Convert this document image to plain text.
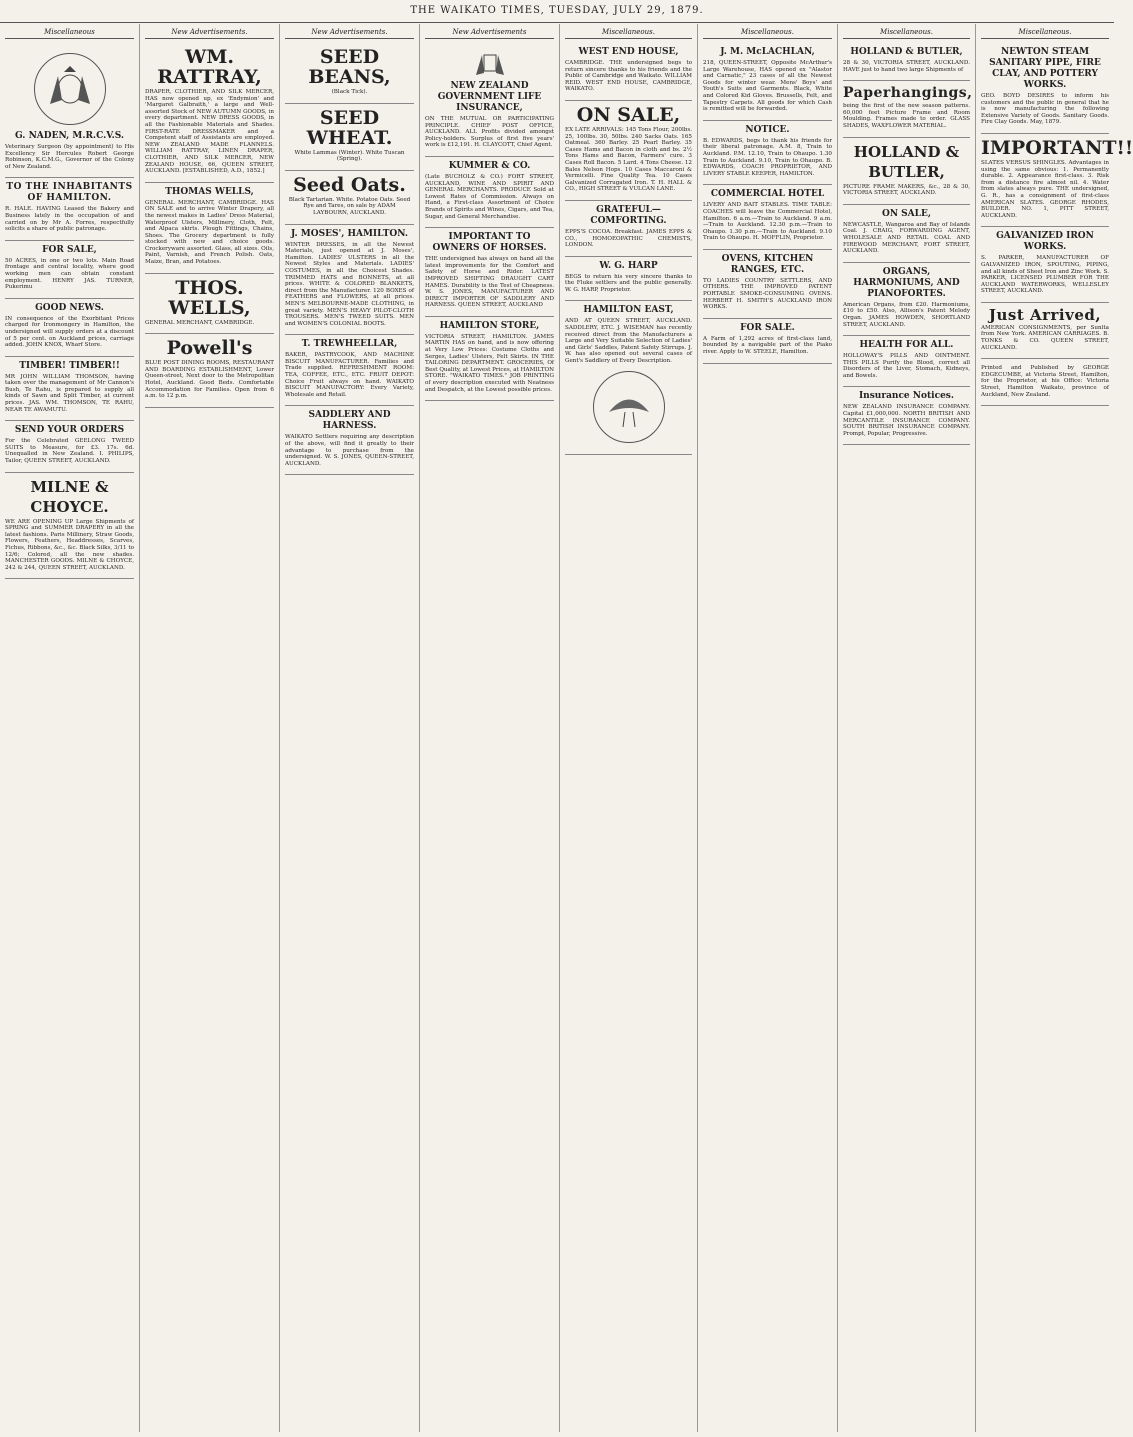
THE WAIKATO TIMES, TUESDAY, JULY 29, 1879.
Miscellaneous
G. NADEN, M.R.C.V.S.

Veterinary Surgeon (by appointment) to His Excellency Sir Hercules Robert George Robinson, K.C.M.G., Governor of the Colony of New Zealand.

TO THE INHABITANTS OF HAMILTON.

R. HALE. HAVING Leased the Bakery and Business lately in the occupation of and carried on by Mr A. Forres, respectfully solicits a share of public patronage.

FOR SALE,

50 ACRES, in one or two lots. Main Road frontage and central locality, where good working men can obtain constant employment. HENRY JAS. TURNER, Pukerimu

GOOD NEWS.

IN consequence of the Exorbitant Prices charged for Ironmongery in Hamilton, the undersigned will supply orders at a discount of 5 per cent. on Auckland prices, carriage added. JOHN KNOX, Wharf Store.

TIMBER! TIMBER!!

MR JOHN WILLIAM THOMSON, having taken over the management of Mr Cannon's Bush, Te Rahu, is prepared to supply all kinds of Sawn and Split Timber, at current prices. JAS. WM. THOMSON, TE RAHU, NEAR TE AWAMUTU.

SEND YOUR ORDERS

For the Celebrated GEELONG TWEED SUITS to Measure, for £3. 17s. 6d. Unequalled in New Zealand. I. PHILIPS, Tailor, QUEEN STREET, AUCKLAND.

MILNE & CHOYCE.

WE ARE OPENING UP Large Shipments of SPRING and SUMMER DRAPERY in all the latest fashions. Paris Millinery, Straw Goods, Flowers, Feathers, Headdresses, Scarves, Fichus, Ribbons, &c., &c. Black Silks, 3/11 to 12/6; Colored, all the new shades. MANCHESTER GOODS. MILNE & CHOYCE, 242 & 244, QUEEN STREET, AUCKLAND.

New Advertisements.
WM. RATTRAY,

DRAPER, CLOTHIER, AND SILK MERCER, HAS now opened up, ex 'Endymion' and 'Margaret Galbraith,' a large and Well-assorted Stock of NEW AUTUMN GOODS, in every department. NEW DRESS GOODS, in all the Fashionable Materials and Shades. FIRST-RATE DRESSMAKER and a Competent staff of Assistants are employed. NEW ZEALAND MADE FLANNELS. WILLIAM RATTRAY, LINEN DRAPER, CLOTHIER, AND SILK MERCER, NEW ZEALAND HOUSE, 66, QUEEN STREET, AUCKLAND. [ESTABLISHED, A.D., 1852.]

THOMAS WELLS,

GENERAL MERCHANT, CAMBRIDGE. HAS ON SALE and to arrive Winter Drapery, all the newest makes in Ladies' Dress Material, Waterproof Ulsters, Millinery, Cloth, Felt, and Alpaca skirts. Plough Fittings, Chains, Shoes. The Grocery department is fully stocked with new and choice goods. Crockeryware assorted. Glass, all sizes. Oils, Paint, Varnish, and French Polish. Oats, Maize, Bran, and Potatoes.

THOS. WELLS,

GENERAL MERCHANT, CAMBRIDGE.

Powell's

BLUE POST DINING ROOMS, RESTAURANT AND BOARDING ESTABLISHMENT, Lower Queen-street, Next door to the Metropolitan Hotel, Auckland. Good Beds. Comfortable Accommodation for Families. Open from 6 a.m. to 12 p.m.

New Advertisements.
SEED BEANS,

(Black Tick).

SEED WHEAT.

White Lammas (Winter). White Tuscan (Spring).

Seed Oats.

Black Tartarian. White. Potatoe Oats. Seed Rye and Tares, on sale by ADAM LAYBOURN, AUCKLAND.

J. MOSES', HAMILTON.

WINTER DRESSES, in all the Newest Materials, just opened at J. Moses', Hamilton. LADIES' ULSTERS in all the Newest Styles and Materials. LADIES' COSTUMES, in all the Choicest Shades. TRIMMED HATS and BONNETS, at all prices. WHITE & COLORED BLANKETS, direct from the Manufacturer. 120 BOXES of FEATHERS and FLOWERS, at all prices. MEN'S MELBOURNE-MADE CLOTHING, in great variety. MEN'S HEAVY PILOT-CLOTH TROUSERS. MEN'S TWEED SUITS. MEN and WOMEN'S COLONIAL BOOTS.

T. TREWHEELLAR,

BAKER, PASTRYCOOK, AND MACHINE BISCUIT MANUFACTURER. Families and Trade supplied. REFRESHMENT ROOM: TEA, COFFEE, ETC., ETC. FRUIT DEPOT: Choice Fruit always on hand. WAIKATO BISCUIT MANUFACTORY: Every Variety, Wholesale and Retail.

SADDLERY AND HARNESS.

WAIKATO Settlers requiring any description of the above, will find it greatly to their advantage to purchase from the undersigned. W. S. JONES, QUEEN-STREET, AUCKLAND.

New Advertisements
NEW ZEALAND GOVERNMENT LIFE INSURANCE,

ON THE MUTUAL OR PARTICIPATING PRINCIPLE. CHIEF POST OFFICE, AUCKLAND. ALL Profits divided amongst Policy-holders. Surplus of first five years' work is £12,191. H. CLAYCOTT, Chief Agent.

KUMMER & CO.

(Late BUCHOLZ & CO.) FORT STREET, AUCKLAND, WINE AND SPIRIT AND GENERAL MERCHANTS. PRODUCE Sold at Lowest Rates of Commission. Always on Hand, a First-class Assortment of Choice Brands of Spirits and Wines, Cigars, and Tea, Sugar, and General Merchandise.

IMPORTANT TO OWNERS OF HORSES.

THE undersigned has always on hand all the latest improvements for the Comfort and Safety of Horse and Rider. LATEST IMPROVED SHIFTING DRAUGHT CART HAMES. Durability is the Test of Cheapness. W. S. JONES, MANUFACTURER AND DIRECT IMPORTER OF SADDLERY AND HARNESS. QUEEN STREET, AUCKLAND

HAMILTON STORE,

VICTORIA STREET, HAMILTON. JAMES MARTIN HAS on hand, and is now offering at Very Low Prices: Costume Cloths and Serges, Ladies' Ulsters, Felt Skirts. IN THE TAILORING DEPARTMENT. GROCERIES, Of Best Quality, at Lowest Prices, at HAMILTON STORE. "WAIKATO TIMES." JOB PRINTING of every description executed with Neatness and Despatch, at the Lowest possible prices.

Miscellaneous.
WEST END HOUSE,

CAMBRIDGE. THE undersigned begs to return sincere thanks to his friends and the Public of Cambridge and Waikato. WILLIAM REID. WEST END HOUSE, CAMBRIDGE, WAIKATO.

ON SALE,

EX LATE ARRIVALS: 145 Tons Flour, 200lbs. 25, 100lbs. 30, 50lbs. 240 Sacks Oats. 165 Oatmeal. 360 Barley. 25 Pearl Barley. 35 Cases Hams and Bacon in cloth and bs. 2½ Tons Hams and Bacon, Farmers' cure. 3 Cases Roll Bacon. 5 Lard. 4 Tons Cheese. 12 Bales Nelson Hops. 10 Cases Maccaroni & Vermicelli. Fine Quality Tea. 10 Cases Galvanized Corrugated Iron. T. H. HALL & CO., HIGH STREET & VULCAN LANE.

GRATEFUL—COMFORTING.

EPPS'S COCOA. Breakfast. JAMES EPPS & CO., HOMOEOPATHIC CHEMISTS, LONDON.

W. G. HARP

BEGS to return his very sincere thanks to the Fluke settlers and the public generally. W. G. HARP, Proprietor.

HAMILTON EAST,

AND AT QUEEN STREET, AUCKLAND. SADDLERY, ETC. J. WISEMAN has recently received direct from the Manufacturers a Large and Very Suitable Selection of Ladies' and Girls' Saddles, Patent Safety Stirrups. J. W. has also opened out several cases of Gent's Saddlery of Every Description.

Miscellaneous.
J. M. McLACHLAN,

218, QUEEN-STREET, Opposite McArthur's Large Warehouse, HAS opened ex "Alastor and Carnatic," 23 cases of all the Newest Goods for winter wear. Mens' Boys' and Youth's Suits and Garments. Black, White and Colored Kid Gloves. Brussells, Felt, and Tapestry Carpets. All goods for which Cash is remitted will be forwarded.

NOTICE.

B. EDWARDS, begs to thank his friends for their liberal patronage. A.M. 8, Train to Auckland. P.M. 12.10, Train to Ohaupo. 1.30 Train to Auckland. 9.10, Train to Ohaupo. B. EDWARDS, COACH PROPRIETOR, AND LIVERY STABLE KEEPER, HAMILTON.

COMMERCIAL HOTEL

LIVERY AND BAIT STABLES. TIME TABLE: COACHES will leave the Commercial Hotel, Hamilton. 6 a.m.—Train to Auckland. 9 a.m.—Train to Auckland. 12.30 p.m.—Train to Ohaupo. 1.30 p.m.—Train to Auckland. 9.10 Train to Ohaupo. H. MOFFLIN, Proprietor.

OVENS, KITCHEN RANGES, ETC.

TO LADIES COUNTRY SETTLERS, AND OTHERS. THE IMPROVED PATENT PORTABLE SMOKE-CONSUMING OVENS. HERBERT H. SMITH'S AUCKLAND IRON WORKS.

FOR SALE.

A Farm of 1,292 acres of first-class land, bounded by a navigable part of the Piako river. Apply to W. STEELE, Hamilton.

Miscellaneous.
HOLLAND & BUTLER,

28 & 30, VICTORIA STREET, AUCKLAND. HAVE just to hand two large Shipments of

Paperhangings,

being the first of the new season patterns. 60,000 feet Picture Frame and Room Moulding. Frames made to order. GLASS SHADES, WAXFLOWER MATERIAL.

HOLLAND & BUTLER,

PICTURE FRAME MAKERS, &c., 28 & 30, VICTORIA STREET, AUCKLAND.

ON SALE,

NEWCASTLE, Wangaroa and Bay of Islands Coal. J. CRAIG, FORWARDING AGENT, WHOLESALE AND RETAIL COAL AND FIREWOOD MERCHANT, FORT STREET, AUCKLAND.

ORGANS, HARMONIUMS, AND PIANOFORTES.

American Organs, from £20. Harmoniums, £10 to £50. Also, Allison's Patent Melody Organ. JAMES HOWDEN, SHORTLAND STREET, AUCKLAND.

HEALTH FOR ALL.

HOLLOWAY'S PILLS AND OINTMENT. THIS PILLS Purify the Blood, correct all Disorders of the Liver, Stomach, Kidneys, and Bowels.

Insurance Notices.

NEW ZEALAND INSURANCE COMPANY. Capital £1,000,000. NORTH BRITISH AND MERCANTILE INSURANCE COMPANY. SOUTH BRITISH INSURANCE COMPANY. Prompt, Popular, Progressive.

Miscellaneous.
NEWTON STEAM SANITARY PIPE, FIRE CLAY, AND POTTERY WORKS.

GEO. BOYD DESIRES to inform his customers and the public in general that he is now manufacturing the following Extensive Variety of Goods. Sanitary Goods. Fire Clay Goods. May, 1879.

IMPORTANT!!

SLATES VERSUS SHINGLES. Advantages in using the same obvious: 1. Permanently durable. 2. Appearance first-class. 3. Risk from a distance fire almost nil. 4. Water from slates always pure. THE undersigned, G. R., has a consignment of first-class AMERICAN SLATES. GEORGE RHODES, BUILDER. NO. 1, PITT STREET, AUCKLAND.

GALVANIZED IRON WORKS.

S. PARKER, MANUFACTURER OF GALVANIZED IRON, SPOUTING, PIPING, and all kinds of Sheet Iron and Zinc Work. S. PARKER, LICENSED PLUMBER FOR THE AUCKLAND WATERWORKS, WELLESLEY STREET, AUCKLAND.

Just Arrived,

AMERICAN CONSIGNMENTS, per Sunlta from New York. AMERICAN CARRIAGES. B. TONKS & CO. QUEEN STREET, AUCKLAND.

Printed and Published by GEORGE EDGECUMBE, at Victoria Street, Hamilton, for the Proprietor, at his Office: Victoria Street, Hamilton Waikato, province of Auckland, New Zealand.
